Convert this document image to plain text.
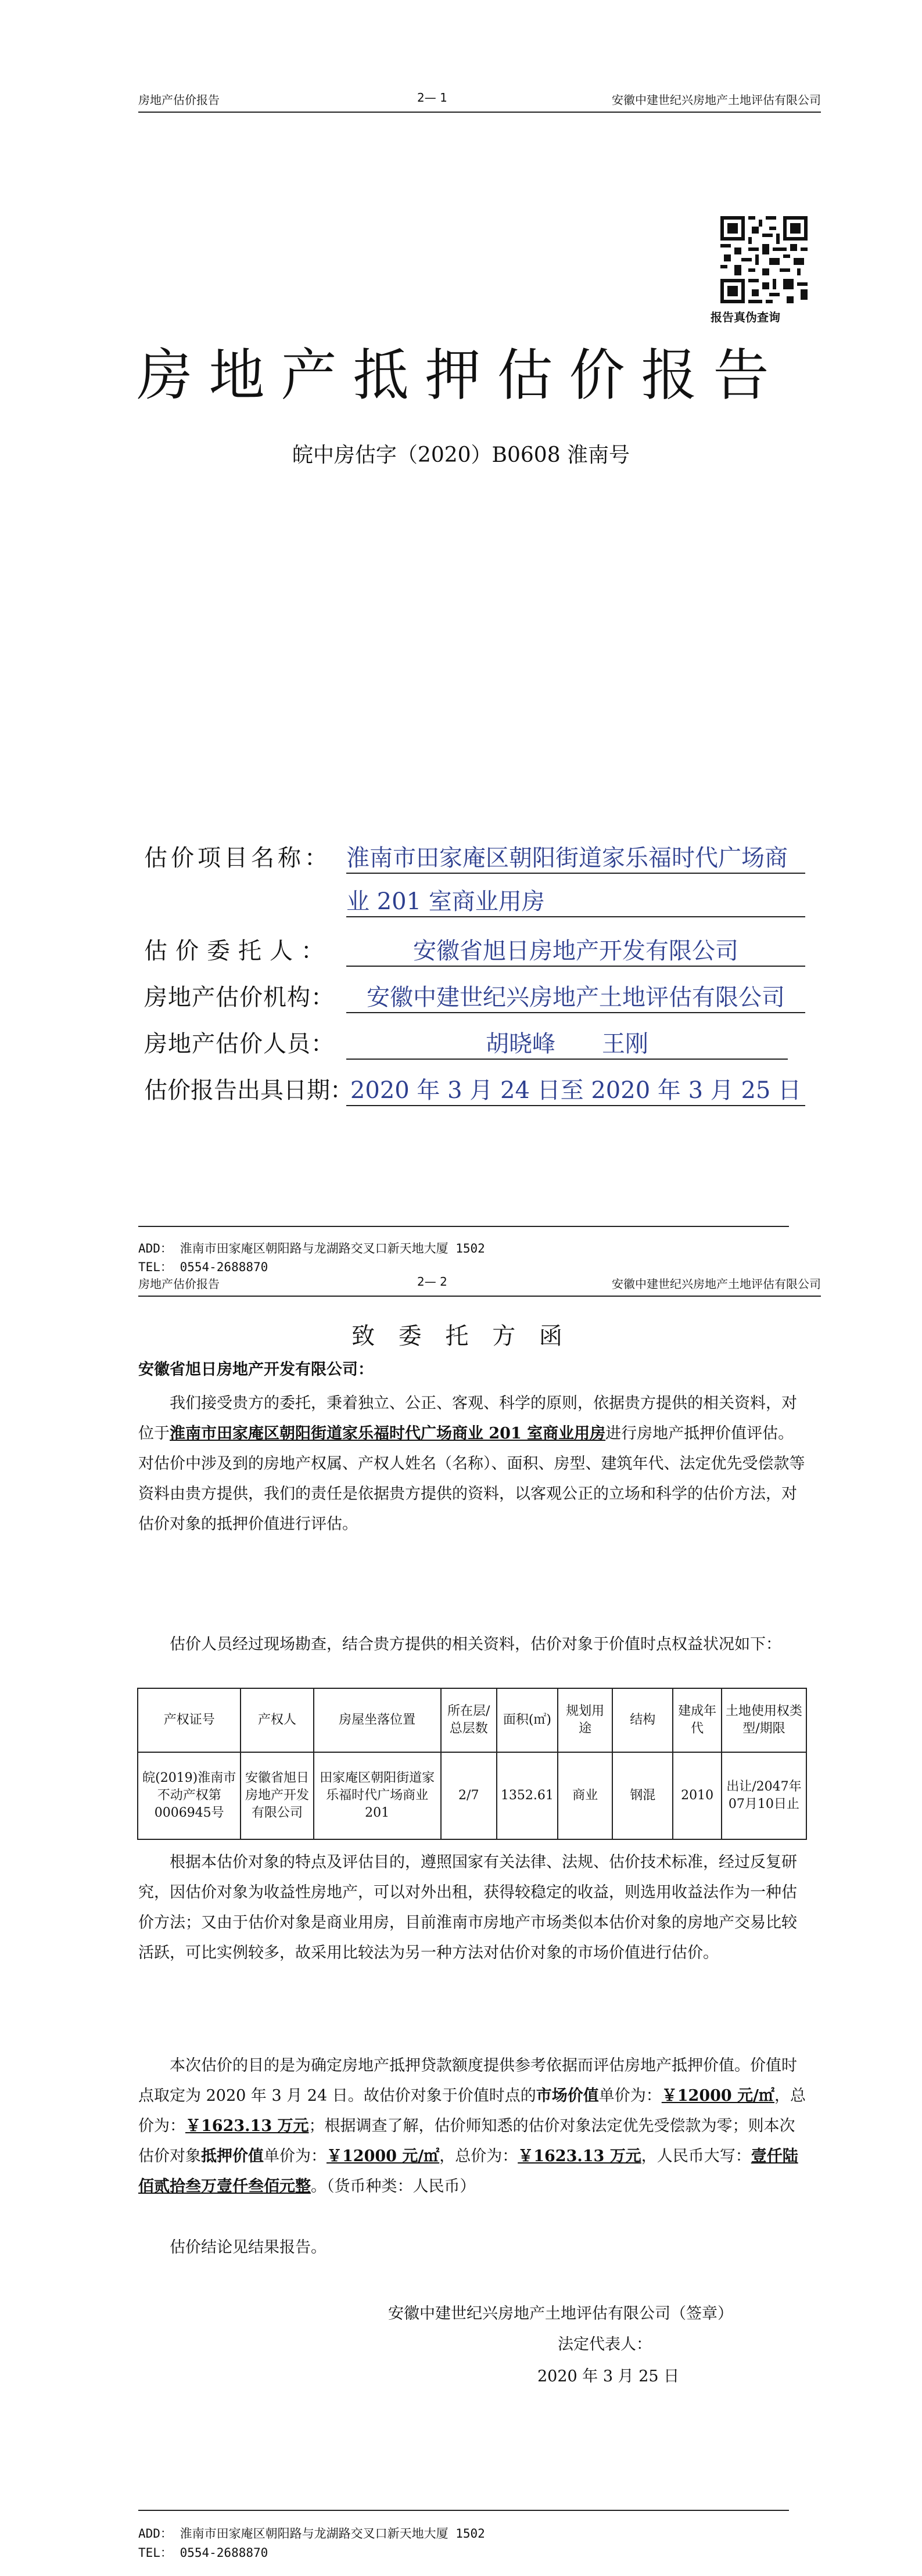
房地产估价报告	2— 1	安徽中建世纪兴房地产土地评估有限公司
报告真伪查询
房地产抵押估价报告
皖中房估字（2020）B0608 淮南号
估价项目名称： 淮南市田家庵区朝阳街道家乐福时代广场商
业 201 室商业用房
估价委托人：	安徽省旭日房地产开发有限公司
房地产估价机构：	安徽中建世纪兴房地产土地评估有限公司
房地产估价人员：	胡晓峰　　王刚
估价报告出具日期：
2020 年 3 月 24 日至 2020 年 3 月 25 日
ADD： 淮南市田家庵区朝阳路与龙湖路交叉口新天地大厦 1502
TEL： 0554-2688870
房地产估价报告	2— 2	安徽中建世纪兴房地产土地评估有限公司
致 委 托 方 函
安徽省旭日房地产开发有限公司：
我们接受贵方的委托，秉着独立、公正、客观、科学的原则，依据贵方提供的相关资料，对位于淮南市田家庵区朝阳街道家乐福时代广场商业 201 室商业用房进行房地产抵押价值评估。对估价中涉及到的房地产权属、产权人姓名（名称）、面积、房型、建筑年代、法定优先受偿款等资料由贵方提供，我们的责任是依据贵方提供的资料，以客观公正的立场和科学的估价方法，对估价对象的抵押价值进行评估。
估价人员经过现场勘查，结合贵方提供的相关资料，估价对象于价值时点权益状况如下：
产权证号	产权人	房屋坐落位置	所在层/总层数	面积(㎡)	规划用途	结构	建成年代	土地使用权类型/期限
皖(2019)淮南市不动产权第0006945号	安徽省旭日房地产开发有限公司	田家庵区朝阳街道家乐福时代广场商业201	2/7	1352.61	商业	钢混	2010	出让/2047年07月10日止
根据本估价对象的特点及评估目的，遵照国家有关法律、法规、估价技术标准，经过反复研究，因估价对象为收益性房地产，可以对外出租，获得较稳定的收益，则选用收益法作为一种估价方法；又由于估价对象是商业用房，目前淮南市房地产市场类似本估价对象的房地产交易比较活跃，可比实例较多，故采用比较法为另一种方法对估价对象的市场价值进行估价。
本次估价的目的是为确定房地产抵押贷款额度提供参考依据而评估房地产抵押价值。价值时点取定为 2020 年 3 月 24 日。故估价对象于价值时点的市场价值单价为：￥12000 元/㎡，总价为：￥1623.13 万元；根据调查了解，估价师知悉的估价对象法定优先受偿款为零；则本次估价对象抵押价值单价为：￥12000 元/㎡，总价为：￥1623.13 万元，人民币大写：壹仟陆佰贰拾叁万壹仟叁佰元整。（货币种类：人民币）
估价结论见结果报告。
安徽中建世纪兴房地产土地评估有限公司（签章）
法定代表人：
2020 年 3 月 25 日
ADD： 淮南市田家庵区朝阳路与龙湖路交叉口新天地大厦 1502
TEL： 0554-2688870
